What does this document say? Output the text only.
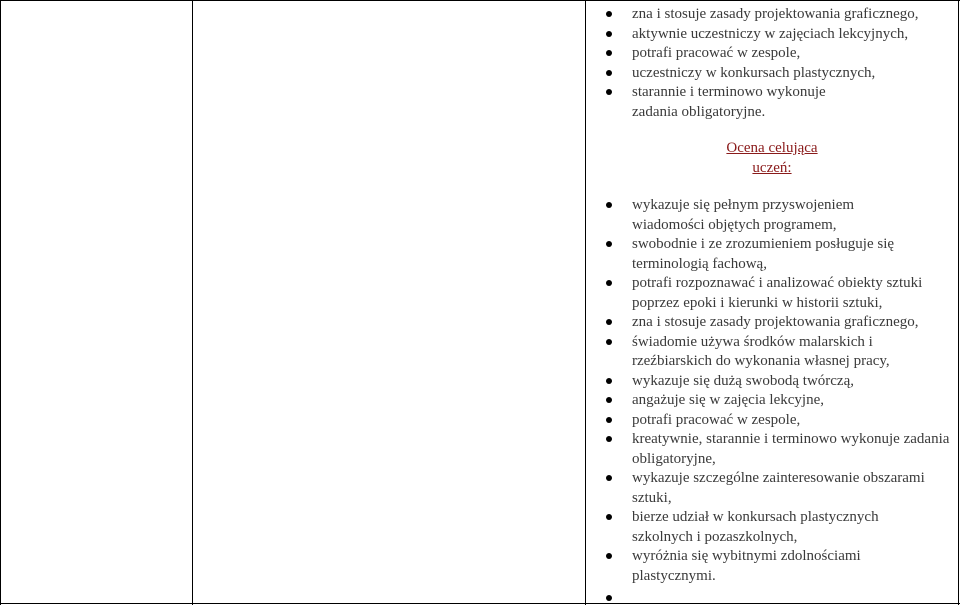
zna i stosuje zasady projektowania graficznego,
aktywnie uczestniczy w zajęciach lekcyjnych,
potrafi pracować w zespole,
uczestniczy w konkursach plastycznych,
starannie i terminowo wykonuje zadania obligatoryjne.
Ocena celująca
uczeń:
wykazuje się pełnym przyswojeniem wiadomości objętych programem,
swobodnie i ze zrozumieniem posługuje się terminologią fachową,
potrafi rozpoznawać i analizować obiekty sztuki poprzez epoki i kierunki w historii sztuki,
zna i stosuje zasady projektowania graficznego,
świadomie używa środków malarskich i rzeźbiarskich do wykonania własnej pracy,
wykazuje się dużą swobodą twórczą,
angażuje się w zajęcia lekcyjne,
potrafi pracować w zespole,
kreatywnie, starannie i terminowo wykonuje zadania obligatoryjne,
wykazuje szczególne zainteresowanie obszarami sztuki,
bierze udział w konkursach plastycznych szkolnych i pozaszkolnych,
wyróżnia się wybitnymi zdolnościami plastycznymi.
